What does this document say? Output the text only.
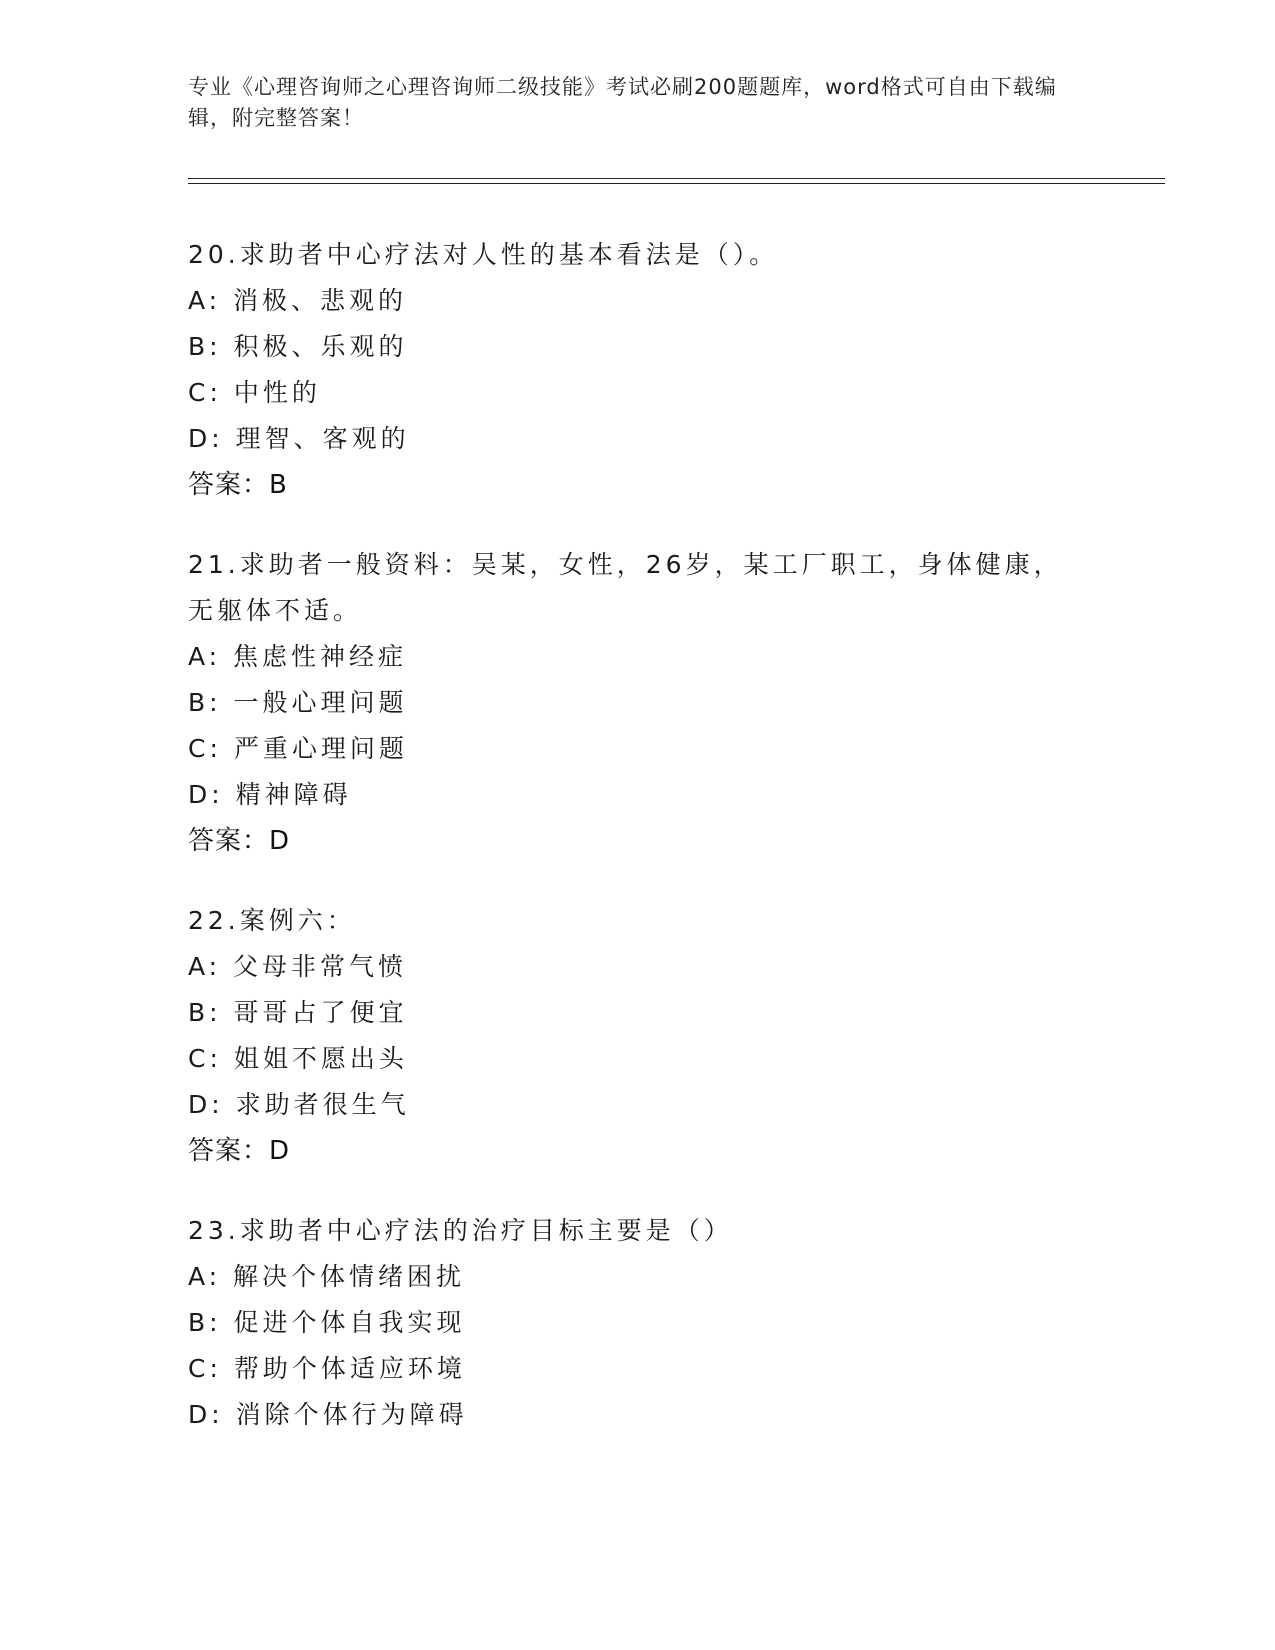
专业《心理咨询师之心理咨询师二级技能》考试必刷200题题库，word格式可自由下载编辑，附完整答案！

20.求助者中心疗法对人性的基本看法是（）。

A: 消极、悲观的

B: 积极、乐观的

C: 中性的

D: 理智、客观的

答案：B

21.求助者一般资料：吴某，女性，26岁，某工厂职工，身体健康，无躯体不适。

A: 焦虑性神经症

B: 一般心理问题

C: 严重心理问题

D: 精神障碍

答案：D

22.案例六：

A: 父母非常气愤

B: 哥哥占了便宜

C: 姐姐不愿出头

D: 求助者很生气

答案：D

23.求助者中心疗法的治疗目标主要是（）

A: 解决个体情绪困扰

B: 促进个体自我实现

C: 帮助个体适应环境

D: 消除个体行为障碍
